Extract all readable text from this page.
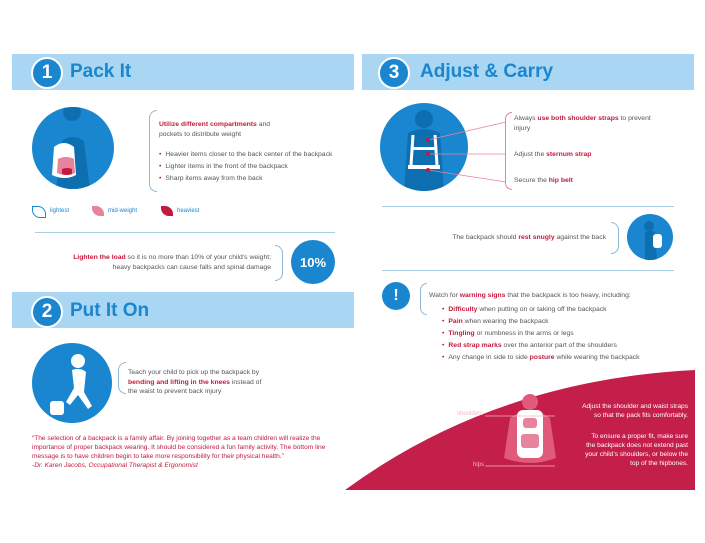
1 Pack It
Utilize different compartments and pockets to distribute weight
• Heavier items closer to the back center of the backpack
• Lighter items in the front of the backpack
• Sharp items away from the back
lightest	mid-weight	heaviest
Lighten the load so it is no more than 10% of your child’s weight;
heavy backpacks can cause falls and spinal damage 10%
2 Put It On
Teach your child to pick up the backpack by
bending and lifting in the knees instead of
the waist to prevent back injury
“The selection of a backpack is a family affair. By joining together as a team children will realize the importance of proper backpack wearing. It should be considered a fun family activity. The bottom line message is to have children begin to take more responsibility for their physical health.”
-Dr. Karen Jacobs, Occupational Therapist & Ergonomist
3	Adjust & Carry
Always use both shoulder straps to prevent injury
Adjust the sternum strap
Secure the hip belt
The backpack should rest snugly against the back
!	Watch for warning signs that the backpack is too heavy, including:
• Difficulty when putting on or taking off the backpack
• Pain when wearing the backpack
• Tingling or numbness in the arms or legs
• Red strap marks over the anterior part of the shoulders
• Any change in side to side posture while wearing the backpack
shoulders
hips
Adjust the shoulder and waist straps so that the pack fits comfortably.
To ensure a proper fit, make sure the backpack does not extend past your child’s shoulders, or below the top of the hipbones.
